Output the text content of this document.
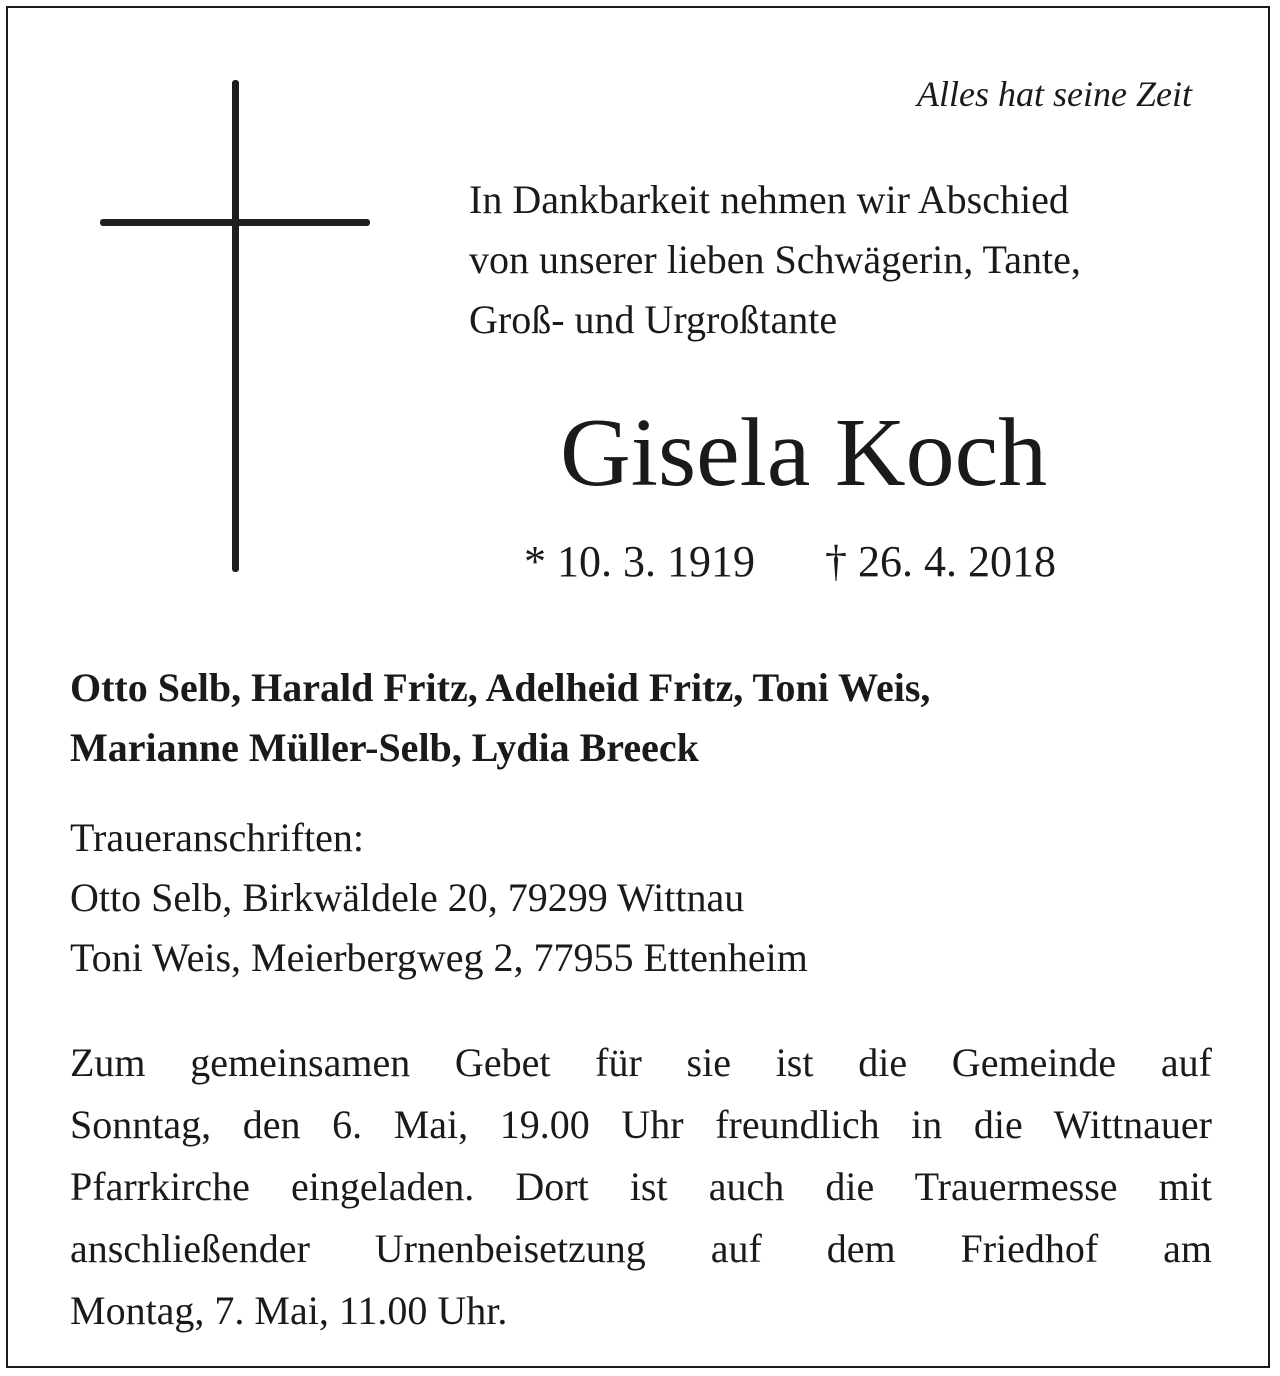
Alles hat seine Zeit
In Dankbarkeit nehmen wir Abschied
von unserer lieben Schwägerin, Tante,
Groß- und Urgroßtante
Gisela Koch
* 10. 3. 1919 † 26. 4. 2018
Otto Selb, Harald Fritz, Adelheid Fritz, Toni Weis,
Marianne Müller-Selb, Lydia Breeck
Traueranschriften:
Otto Selb, Birkwäldele 20, 79299 Wittnau
Toni Weis, Meierbergweg 2, 77955 Ettenheim
Zum gemeinsamen Gebet für sie ist die Gemeinde auf
Sonntag, den 6. Mai, 19.00 Uhr freundlich in die Wittnauer
Pfarrkirche eingeladen. Dort ist auch die Trauermesse mit
anschließender Urnenbeisetzung auf dem Friedhof am
Montag, 7. Mai, 11.00 Uhr.
